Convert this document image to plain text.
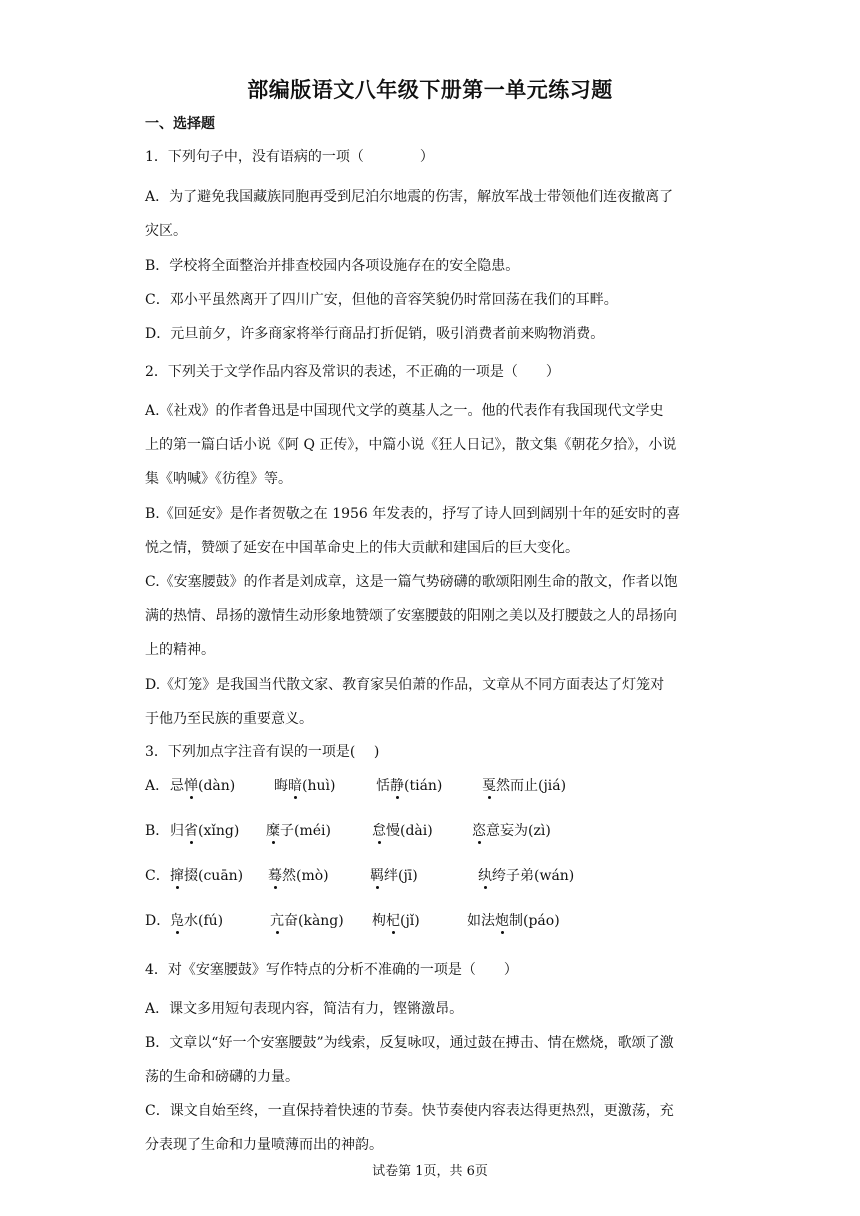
部编版语文八年级下册第一单元练习题
一、选择题
1．下列句子中，没有语病的一项（　　　　）
A．为了避免我国藏族同胞再受到尼泊尔地震的伤害，解放军战士带领他们连夜撤离了
灾区。
B．学校将全面整治并排查校园内各项设施存在的安全隐患。
C．邓小平虽然离开了四川广安，但他的音容笑貌仍时常回荡在我们的耳畔。
D．元旦前夕，许多商家将举行商品打折促销，吸引消费者前来购物消费。
2．下列关于文学作品内容及常识的表述，不正确的一项是（　　）
A.《社戏》的作者鲁迅是中国现代文学的奠基人之一。他的代表作有我国现代文学史
上的第一篇白话小说《阿 Q 正传》，中篇小说《狂人日记》，散文集《朝花夕拾》，小说
集《呐喊》《彷徨》等。
B.《回延安》是作者贺敬之在 1956 年发表的，抒写了诗人回到阔别十年的延安时的喜
悦之情，赞颂了延安在中国革命史上的伟大贡献和建国后的巨大变化。
C.《安塞腰鼓》的作者是刘成章，这是一篇气势磅礴的歌颂阳刚生命的散文，作者以饱
满的热情、昂扬的激情生动形象地赞颂了安塞腰鼓的阳刚之美以及打腰鼓之人的昂扬向
上的精神。
D.《灯笼》是我国当代散文家、教育家吴伯萧的作品，文章从不同方面表达了灯笼对
于他乃至民族的重要意义。
3．下列加点字注音有误的一项是(　 )
A． 忌惮(dàn)	晦暗(huì)	恬静(tián)	戛然而止(jiá)
B． 归省(xǐng) 糜子(méi)	怠慢(dài)	恣意妄为(zì)
C． 撺掇(cuān) 蓦然(mò)	羁绊(jī)	纨绔子弟(wán)
D． 凫水(fú)	亢奋(kàng) 枸杞(jǐ)	如法炮制(páo)
4．对《安塞腰鼓》写作特点的分析不准确的一项是（　　）
A．课文多用短句表现内容，简洁有力，铿锵激昂。
B．文章以“好一个安塞腰鼓”为线索，反复咏叹，通过鼓在搏击、情在燃烧，歌颂了激
荡的生命和磅礴的力量。
C．课文自始至终，一直保持着快速的节奏。快节奏使内容表达得更热烈，更激荡，充
分表现了生命和力量喷薄而出的神韵。
试卷第 1页，共 6页
